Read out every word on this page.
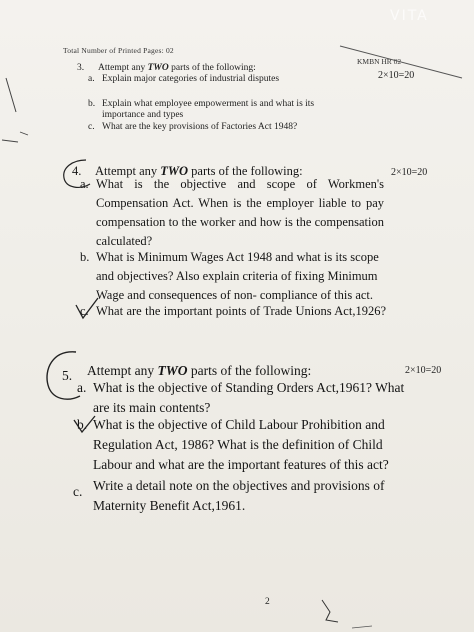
VITA
Total Number of Printed Pages: 02
KMBN HR 02
3. Attempt any TWO parts of the following:
2×10=20
a. Explain major categories of industrial disputes
b. Explain what employee empowerment is and what is its
importance and types
c. What are the key provisions of Factories Act 1948?
4. Attempt any TWO parts of the following:	2×10=20
a. What is the objective and scope of Workmen's Compensation Act. When is the employer liable to pay compensation to the worker and how is the compensation calculated?
b. What is Minimum Wages Act 1948 and what is its scope and objectives? Also explain criteria of fixing Minimum Wage and consequences of non- compliance of this act.
c. What are the important points of Trade Unions Act,1926?
5. Attempt any TWO parts of the following:	2×10=20
a. What is the objective of Standing Orders Act,1961? What are its main contents?
b. What is the objective of Child Labour Prohibition and Regulation Act, 1986? What is the definition of Child Labour and what are the important features of this act?
c. Write a detail note on the objectives and provisions of Maternity Benefit Act,1961.
2
